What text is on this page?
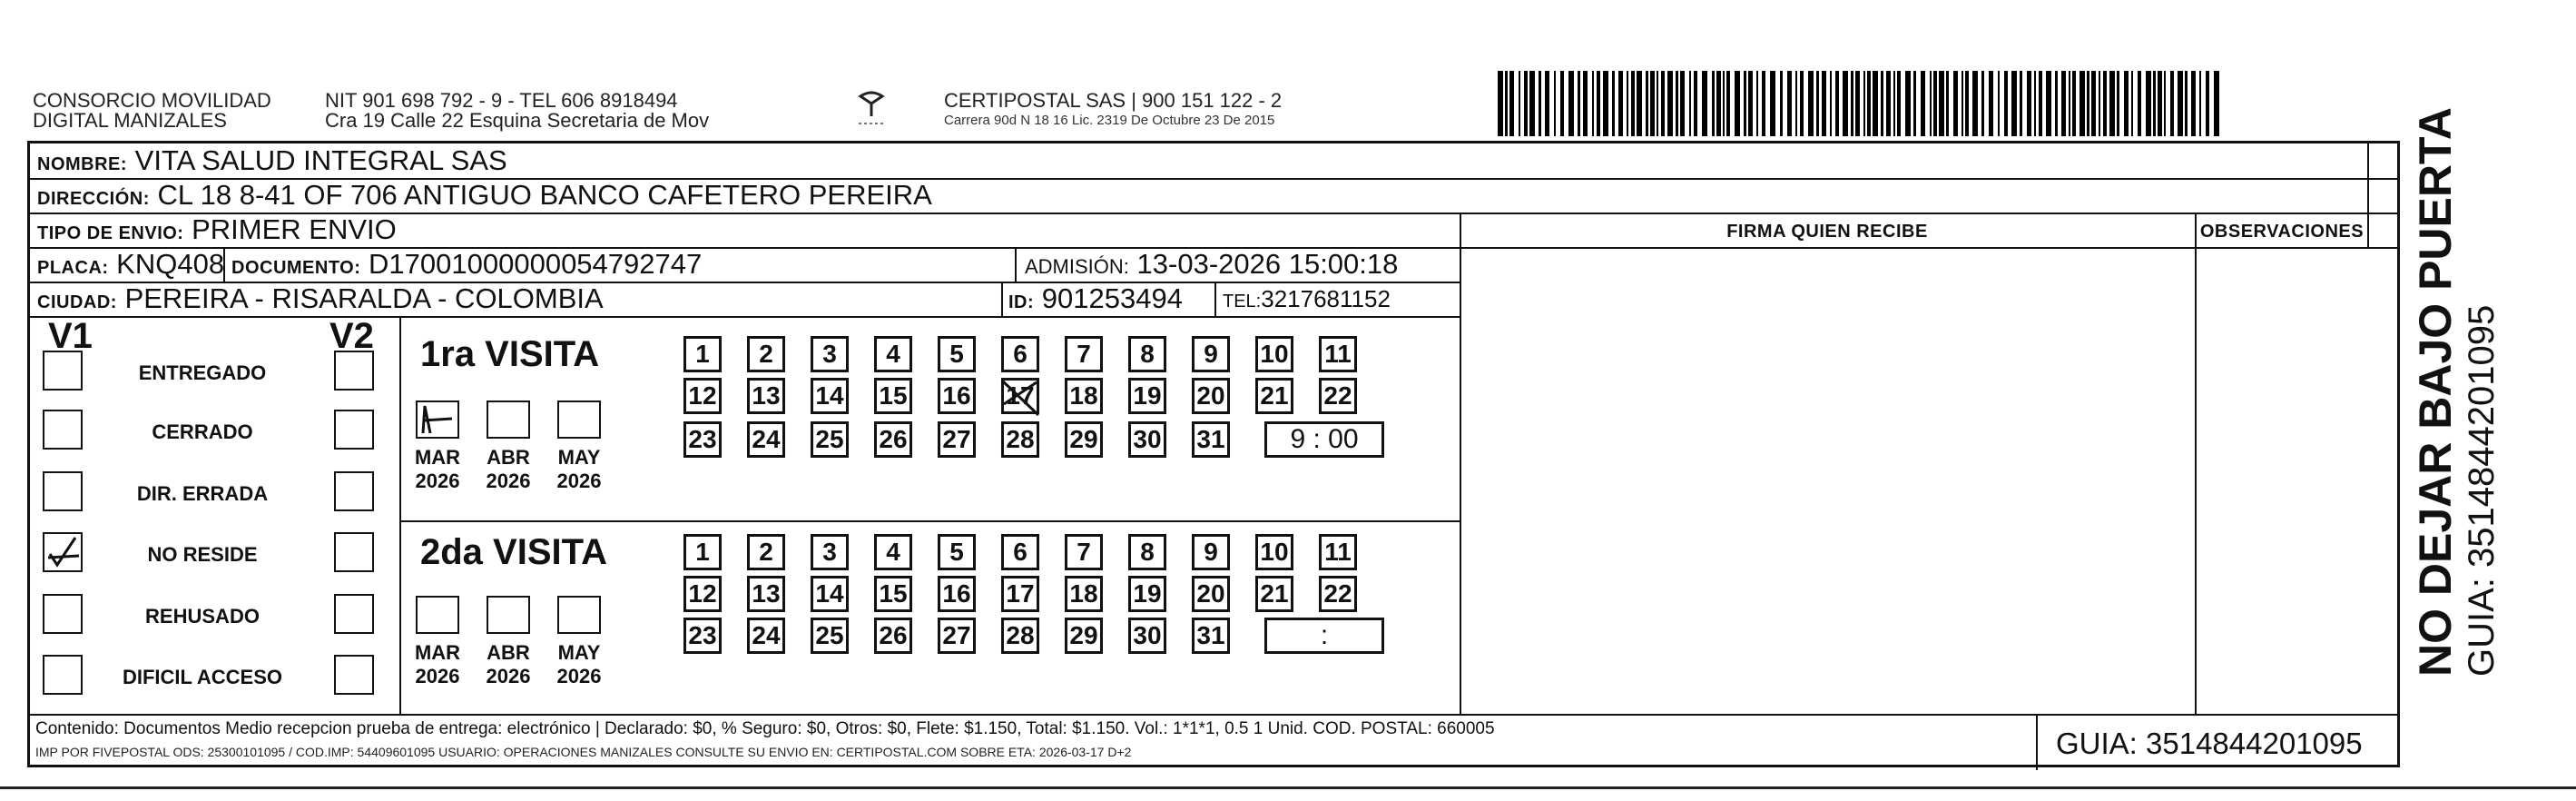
CONSORCIO MOVILIDAD
DIGITAL MANIZALES
NIT 901 698 792 - 9 - TEL 606 8918494
Cra 19 Calle 22 Esquina Secretaria de Mov
CERTIPOSTAL SAS | 900 151 122 - 2
Carrera 90d N 18 16 Lic. 2319 De Octubre 23 De 2015
NOMBRE: VITA SALUD INTEGRAL SAS
DIRECCIÓN: CL 18 8-41 OF 706 ANTIGUO BANCO CAFETERO PEREIRA
TIPO DE ENVIO: PRIMER ENVIO	FIRMA QUIEN RECIBE	OBSERVACIONES
PLACA: KNQ408 DOCUMENTO: D17001000000054792747	ADMISIÓN: 13-03-2026 15:00:18
CIUDAD: PEREIRA - RISARALDA - COLOMBIA	ID: 901253494 TEL:3217681152
V1	V2
ENTREGADO
CERRADO
DIR. ERRADA
NO RESIDE
REHUSADO
DIFICIL ACCESO
1ra VISITA
MAR
2026
ABR
2026
MAY
2026
1	2	3	4	5	6	7	8	9	10 11
12 13 14 15 16 17 18 19 20 21 22
23 24 25 26 27 28 29 30 31	9 : 00
2da VISITA
MAR
2026
ABR
2026
MAY
2026
1	2	3	4	5	6	7	8	9	10 11
12 13 14 15 16 17 18 19 20 21 22
23 24 25 26 27 28 29 30 31	:
Contenido: Documentos Medio recepcion prueba de entrega: electrónico | Declarado: $0, % Seguro: $0, Otros: $0, Flete: $1.150, Total: $1.150. Vol.: 1*1*1, 0.5 1 Unid. COD. POSTAL: 660005
IMP POR FIVEPOSTAL ODS: 25300101095 / COD.IMP: 54409601095 USUARIO: OPERACIONES MANIZALES CONSULTE SU ENVIO EN: CERTIPOSTAL.COM SOBRE ETA: 2026-03-17 D+2	GUIA: 3514844201095
NO DEJAR BAJO PUERTA GUIA: 3514844201095
